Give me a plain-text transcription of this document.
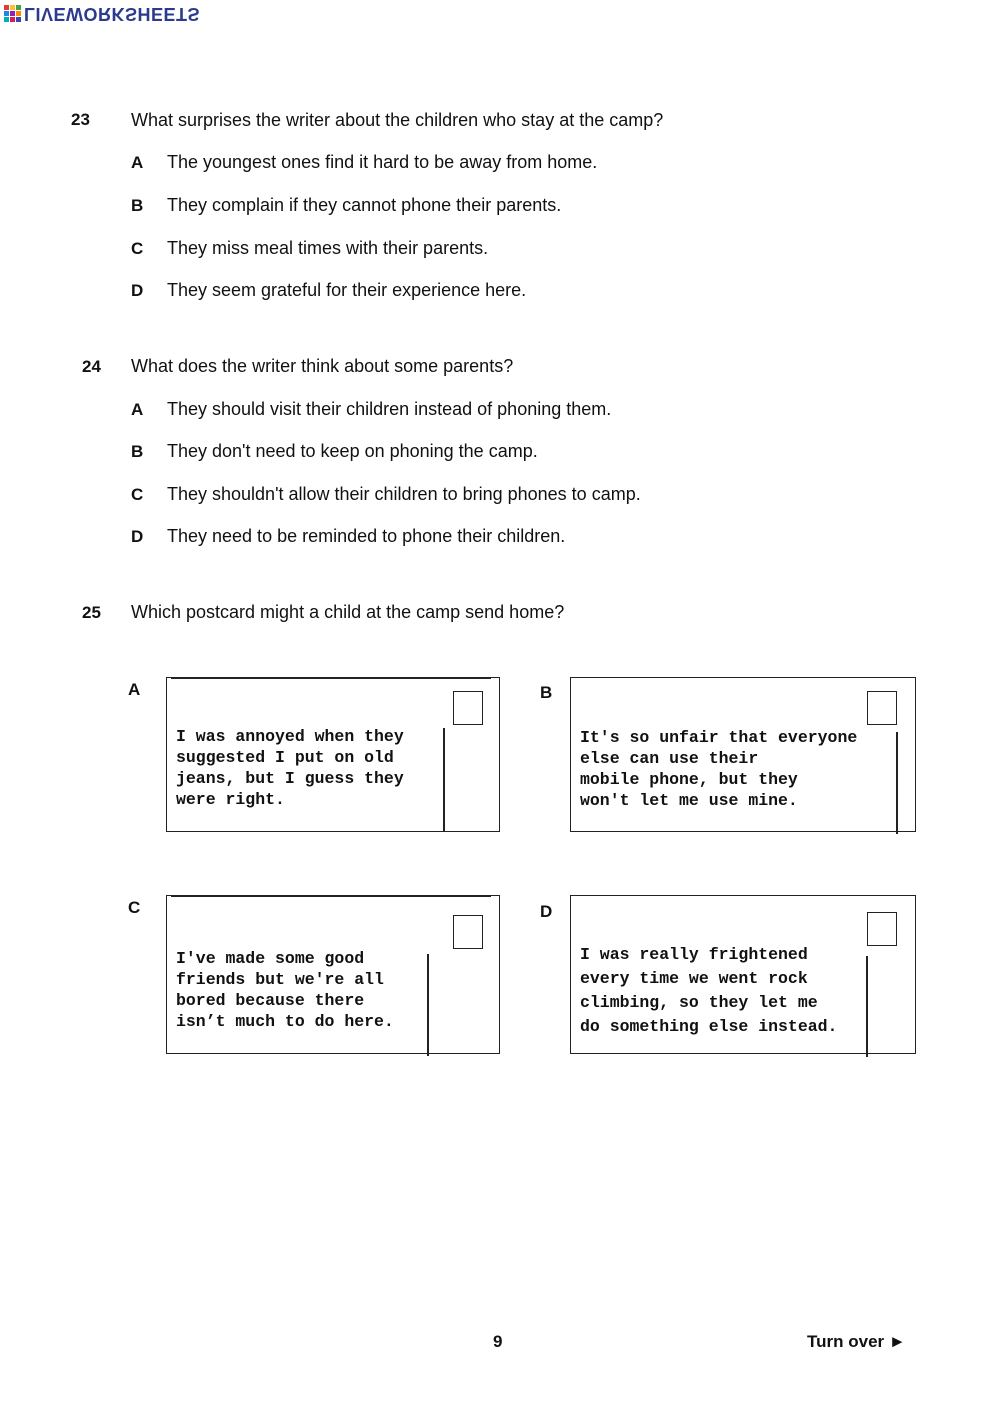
LIVEWORKSHEETS
23 What surprises the writer about the children who stay at the camp?
A The youngest ones find it hard to be away from home.
B They complain if they cannot phone their parents.
C They miss meal times with their parents.
D They seem grateful for their experience here.
24 What does the writer think about some parents?
A They should visit their children instead of phoning them.
B They don't need to keep on phoning the camp.
C They shouldn't allow their children to bring phones to camp.
D They need to be reminded to phone their children.
25 Which postcard might a child at the camp send home?
A
I was annoyed when they
suggested I put on old
jeans, but I guess they
were right.
B
It's so unfair that everyone
else can use their
mobile phone, but they
won't let me use mine.
C
I've made some good
friends but we're all
bored because there
isn’t much to do here.
D
I was really frightened
every time we went rock
climbing, so they let me
do something else instead.
9	Turn over ►
